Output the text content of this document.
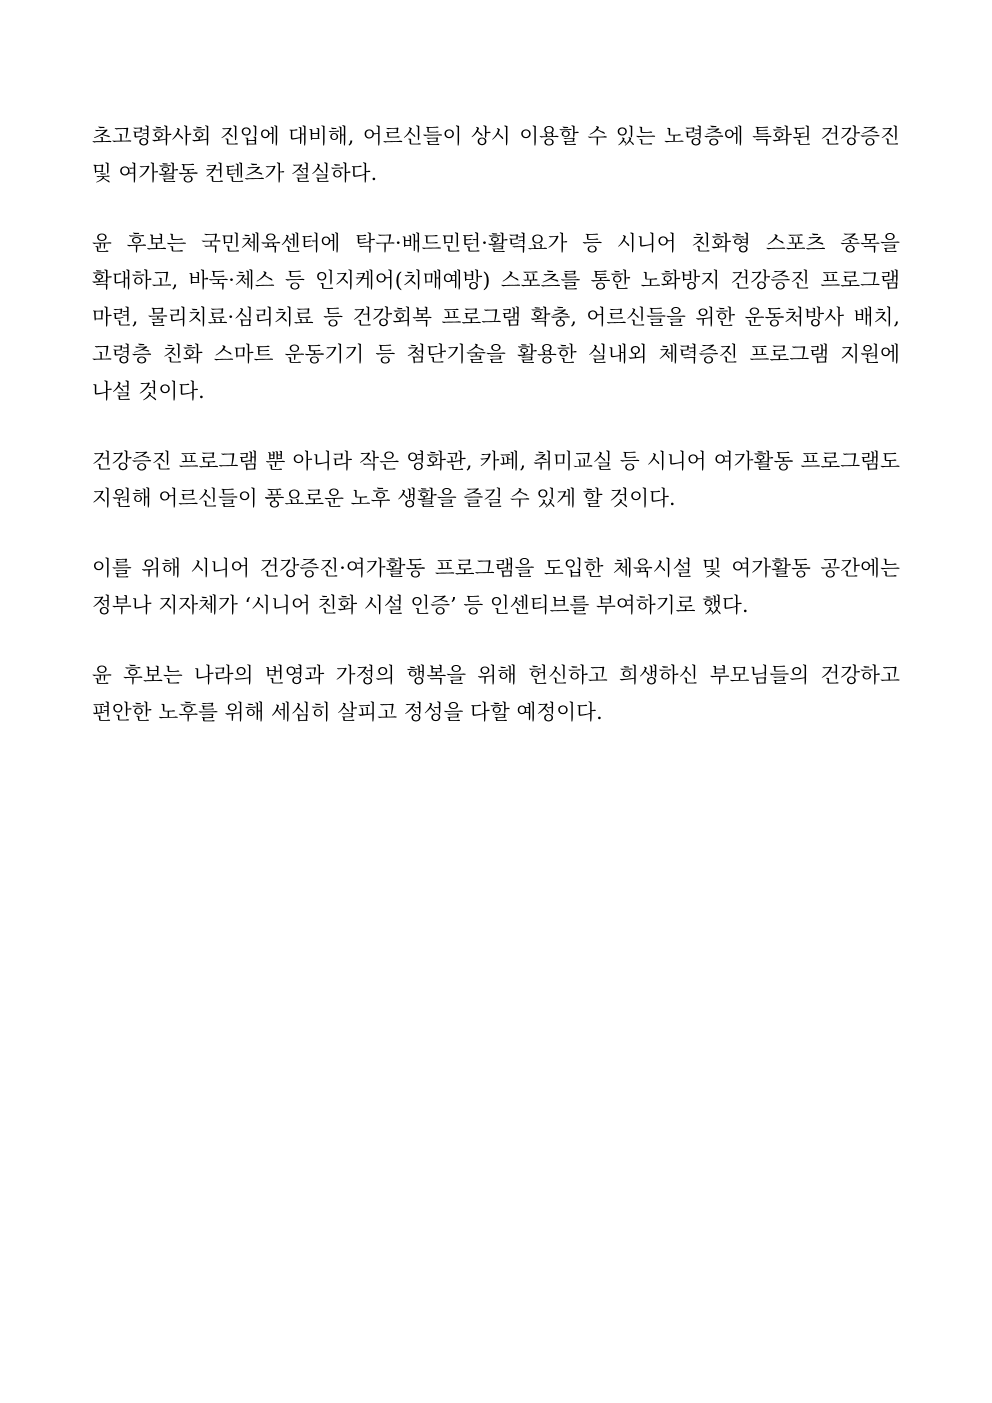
초고령화사회 진입에 대비해, 어르신들이 상시 이용할 수 있는 노령층에 특화된 건강증진 및 여가활동 컨텐츠가 절실하다.

윤 후보는 국민체육센터에 탁구·배드민턴·활력요가 등 시니어 친화형 스포츠 종목을 확대하고, 바둑·체스 등 인지케어(치매예방) 스포츠를 통한 노화방지 건강증진 프로그램 마련, 물리치료·심리치료 등 건강회복 프로그램 확충, 어르신들을 위한 운동처방사 배치, 고령층 친화 스마트 운동기기 등 첨단기술을 활용한 실내외 체력증진 프로그램 지원에 나설 것이다.

건강증진 프로그램 뿐 아니라 작은 영화관, 카페, 취미교실 등 시니어 여가활동 프로그램도 지원해 어르신들이 풍요로운 노후 생활을 즐길 수 있게 할 것이다.

이를 위해 시니어 건강증진·여가활동 프로그램을 도입한 체육시설 및 여가활동 공간에는 정부나 지자체가 ‘시니어 친화 시설 인증’ 등 인센티브를 부여하기로 했다.

윤 후보는 나라의 번영과 가정의 행복을 위해 헌신하고 희생하신 부모님들의 건강하고 편안한 노후를 위해 세심히 살피고 정성을 다할 예정이다.
